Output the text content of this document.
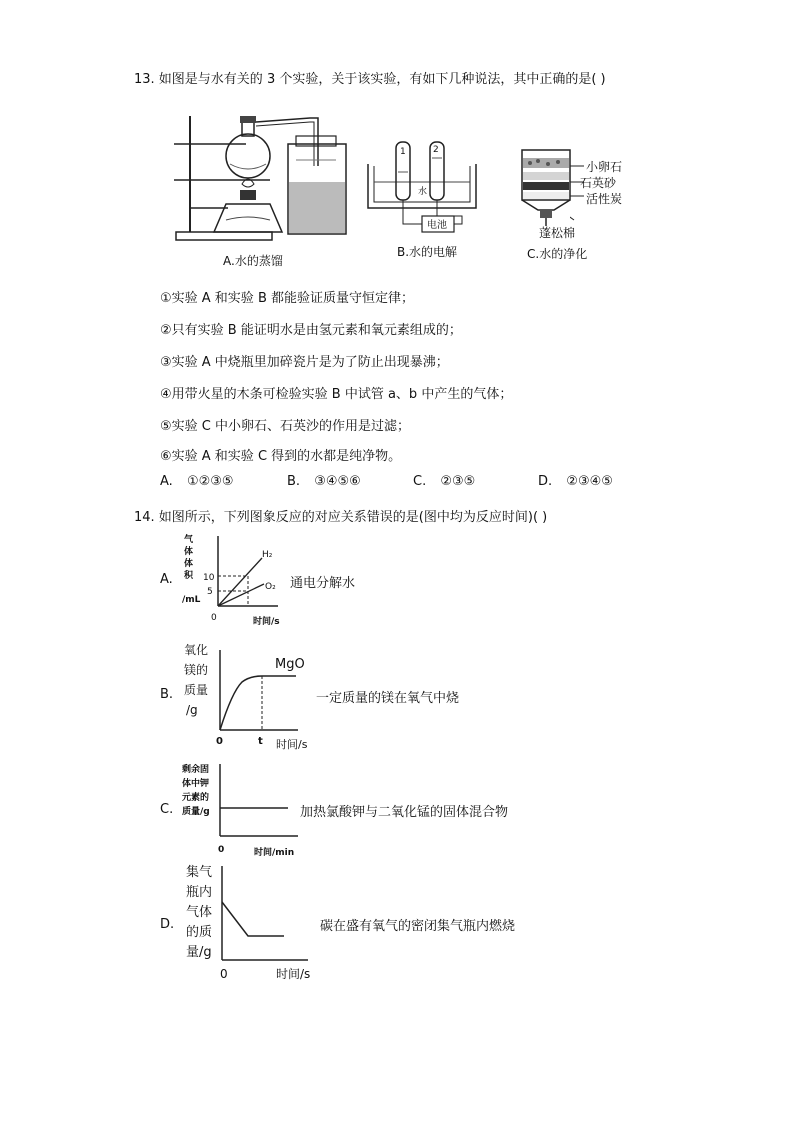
13. 如图是与水有关的 3 个实验，关于该实验，有如下几种说法，其中正确的是( )
A.水的蒸馏
1	2
水
电池
B.水的电解
小卵石
石英砂
活性炭
蓬松棉
C.水的净化
①实验 A 和实验 B 都能验证质量守恒定律；
②只有实验 B 能证明水是由氢元素和氧元素组成的；
③实验 A 中烧瓶里加碎瓷片是为了防止出现暴沸；
④用带火星的木条可检验实验 B 中试管 a、b 中产生的气体；
⑤实验 C 中小卵石、石英沙的作用是过滤；
⑥实验 A 和实验 C 得到的水都是纯净物。
A. ①②③⑤	B. ③④⑤⑥	C. ②③⑤	D. ②③④⑤
14. 如图所示，下列图象反应的对应关系错误的是(图中均为反应时间)( )
A.
气
体
体
积
/mL
10
5
H₂
O₂
0	时间/s
通电分解水
B.
氧化
镁的
质量
/g
MgO
0	t 时间/s
一定质量的镁在氧气中烧
C.
剩余固
体中钾
元素的
质量/g
0	时间/min
加热氯酸钾与二氧化锰的固体混合物
D.
集气
瓶内
气体
的质
量/g
0	时间/s
碳在盛有氧气的密闭集气瓶内燃烧
